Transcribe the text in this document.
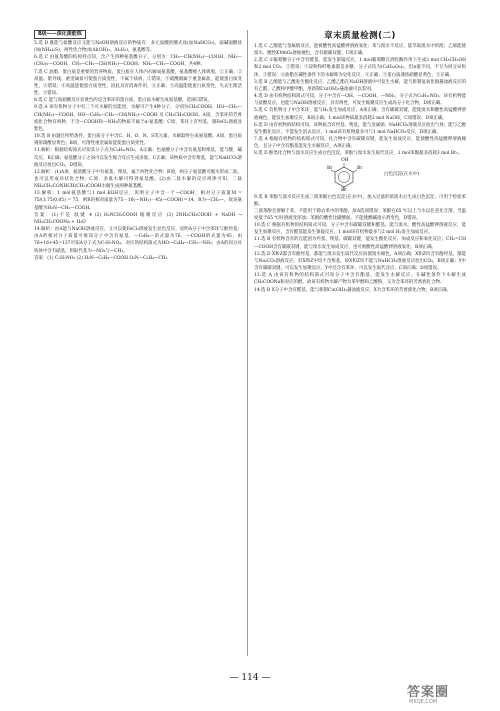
B级——深化提能练

5.选 D 既能与盐酸反应又能与NaOH溶液反应的物质有：多元弱酸的酸式盐(如NaHCO₃)，弱碱弱酸盐(如(NH₄)₂S)，两性化合物(如Al(OH)₃、Al₂O₃)，氨基酸等。

6.选 C 由氨基酸的结构特点知，含产生四种氨基酸分子，分别为：CH₃—CH(NH₂)—COOH，NH₂—(CH₂)₂—COOH，CH₃—CH₂—CH(NH₂)—COOH，NH₂—CH₂—COOH，共4种。

7.选 C 油脂、蛋白质是重要的营养物质，蛋白质在人体内水解成氨基酸，氨基酸被人体吸收，①正确；②高温、紫外线、重金属盐可使蛋白质变性，不属于盐析，②错误；③硫酸铜属于重金属盐，能使蛋白质变性，③错误；④高温能使蛋白质变性，因此具有消毒作用，④正确；⑤高温能使蛋白质变性，失去生理活性，⑤错误。

8.选 C 能与浓硝酸反应显黄色的是含苯环的蛋白质，蛋白质水解生成氨基酸，选项C错误。

9.选 A 该有机物分子中有三个可水解的官能团，水解可产生4种分子，分别为CH₃COOH、HO—CH₂—CH(NH₂)—COOH、HO—C₆H₄—CH₂—CH(NH₂)—COOH 及 CH₃CH₂COOH。A项，含苯环的芳香族化合物有两种，不含—COOH和—NH₂的物质不属于α-氨基酸；C项，苯环上有羟基，遇FeCl₃溶液显紫色。

10.选 B 由题目所给条件，蛋白质分子中含C、H、O、N、S等元素，水解最终生成氨基酸。A项，蛋白质遇浓硝酸显黄色；B项，可溶性重金属盐能使蛋白质变性。

11.解析：根据结构简式可知其分子式为C₉H₁₁NO₂，A正确；色氨酸分子中含有氨基和羧基，能与酸、碱反应，B正确；氨基酸分子之间可以发生缩合反应生成多肽，C正确；该物质中含有羧基，能与NaHCO₃溶液反应放出CO₂，D错误。

12.解析：(1)A项，氨基酸分子中有氨基、羧基，属于两性化合物；B项，两分子氨基酸可脱水形成二肽，也可以形成环状化合物；C项，多肽水解可得到氨基酸。(2)由二肽水解的反应规律可知，二肽NH₂CH₂CONHCH(CH₃)COOH水解生成两种氨基酸。

13.解析：1 mol氨基酸与1 mol KOH反应，说明分子中含一个—COOH，相对分子质量M = 75/(3.75/0.05) = 75，则R的相对质量为75－16(—NH₂)－45(—COOH)＝14，R为—CH₂—，故该氨基酸为H₂N—CH₂—COOH。

答案：(1)不是 肽键 4 (2) H₂NCH₂COOH 缩聚反应 (3) 2NH₂CH₂COOH + NaOH → NH₂CH₂COONa + H₂O

14.解析：由A能与NaOH溶液反应，又可以使FeCl₃溶液发生显色反应，说明A分子中含苯环与酚羟基；由A的相对分子质量可推知分子中含有氨基，—C₆H₄—的式量为76，—COOH的式量为45，由76+16+45=137可知A分子式为C₇H₇NO₃，对应的结构简式为HO—C₆H₄—CH₂—NH₂；由A的同分异构体中含有硝基，则取代基为—NO₂与—CH₃。

答案：(1) C₇H₇NO₃ (2) H₂N—C₆H₄—COOH O₂N—C₆H₄—CH₃

章末质量检测(二)

1.选 C 乙醇能与金属钠反应，能被酸性高锰酸钾溶液氧化；苯与溴水不反应，能萃取溴水中的溴；乙烯能使溴水、酸性KMnO₄溶液褪色，含有碳碳双键，C项正确。

2.选 C ①葡萄糖分子中含有醛基，能发生银镜反应，1 mol葡萄糖在酒化酶作用下生成2 mol CH₃CH₂OH和2 mol CO₂，②错误；③淀粉和纤维素都是多糖，分子式均为(C₆H₁₀O₅)ₙ，但n值不同，不互为同分异构体，③错误；④油脂在碱性条件下的水解称为皂化反应，④正确；⑤蛋白质遇浓硝酸显黄色，⑤正确。

3.选 B 乙醇能与乙酸发生酯化反应，乙酸乙酯在NaOH溶液中可发生水解，能与新制氢氧化铜悬浊液反应的有乙醛、乙酸和甲酸甲酯，用新制Cu(OH)₂悬浊液可以鉴别。

4.选 D 由有机物结构简式可知，分子中含有—OH、—COOH、—NH₂，分子式为C₉H₁₁NO₃，该有机物能与盐酸反应，也能与NaOH溶液反应，具有两性，可发生缩聚反应生成高分子化合物，D项正确。

5.选 C 有机物分子中含苯环，能与H₂发生加成反应；A项正确；含有碳碳双键，能使溴水和酸性高锰酸钾溶液褪色，能发生加聚反应，B项正确；1 mol该物质最多消耗2 mol NaOH，C项错误；D项正确。

6.选 D 由有机物的结构可知，该物质含有羟基、羧基，能与金属钠、NaHCO₃溶液反应放出气体；能与乙醇发生酯化反应，不能发生消去反应，1 mol该有机物最多可与1 mol NaHCO₃反应，D项正确。

7.选 A 根据有机物的结构简式可知，化合物中含有碳碳双键，能发生加成反应，能使酸性高锰酸钾溶液褪色，且分子中含有酯基能发生水解反应，A项正确。

8.选 D 酚类化合物与溴水反应生成白色沉淀，苯酚与溴水发生取代反应，1 mol苯酚最多消耗3 mol Br₂。

OH
Br	Br
Br
白色沉淀(在水中)

9.选 B 苯酚与溴水反应生成三溴苯酚白色沉淀(在水中)，加入过量的浓溴水后生成白色沉淀，可用于检验苯酚。

三溴苯酚会溶解于苯，不能用于除去苯中的苯酚，故A选项错误；苯酚在65 ℃以上与水以任意比互溶，当温度低于65 ℃时溶液变浑浊；苯酚的酸性比碳酸弱，不能使酸碱指示剂变色，D错误。

10.选 C 根据有机物的结构简式可知，分子中含有碳碳双键和醛基，能与溴水、酸性高锰酸钾溶液反应，能发生加聚反应，含有醛基能发生银镜反应，1 mol该有机物最多与2 mol H₂发生加成反应。

11.选 B 有机物含有的官能团为羟基、羧基、碳碳双键，能发生酯化反应、加成反应和氧化反应；CH₂=CH—COOH含有碳碳双键，能与溴水发生加成反应，也可被酸性高锰酸钾溶液氧化，B项正确。

12.选 D X和Z都含有酚羟基，都能与溴水发生取代反应而使溴水褪色，A项正确；X和Z均含有酚羟基，都能与Na₂CO₃溶液反应，但X和Z中均不含羧基，故X和Z均不能与NaHCO₃溶液反应放出CO₂，B项正确；Y中含有碳碳双键，可以发生加聚反应，Y中还含有苯环，可以发生取代反应，C项正确；D项错误。

13.选 A 由该有机物的结构简式可知分子中含有酯基，能发生水解反应，在碱性条件下水解生成CH₃COONa和对应的醇，故该有机物水解产物为苯甲醇和乙酸钠，又为含苯环的芳香族化合物。

14.选 B X分子中含有醛基，能与新制Cu(OH)₂悬浊液反应，X为含苯环的芳香族化合物，B项正确。

— 114 —
答案圈
MXQE.COM
